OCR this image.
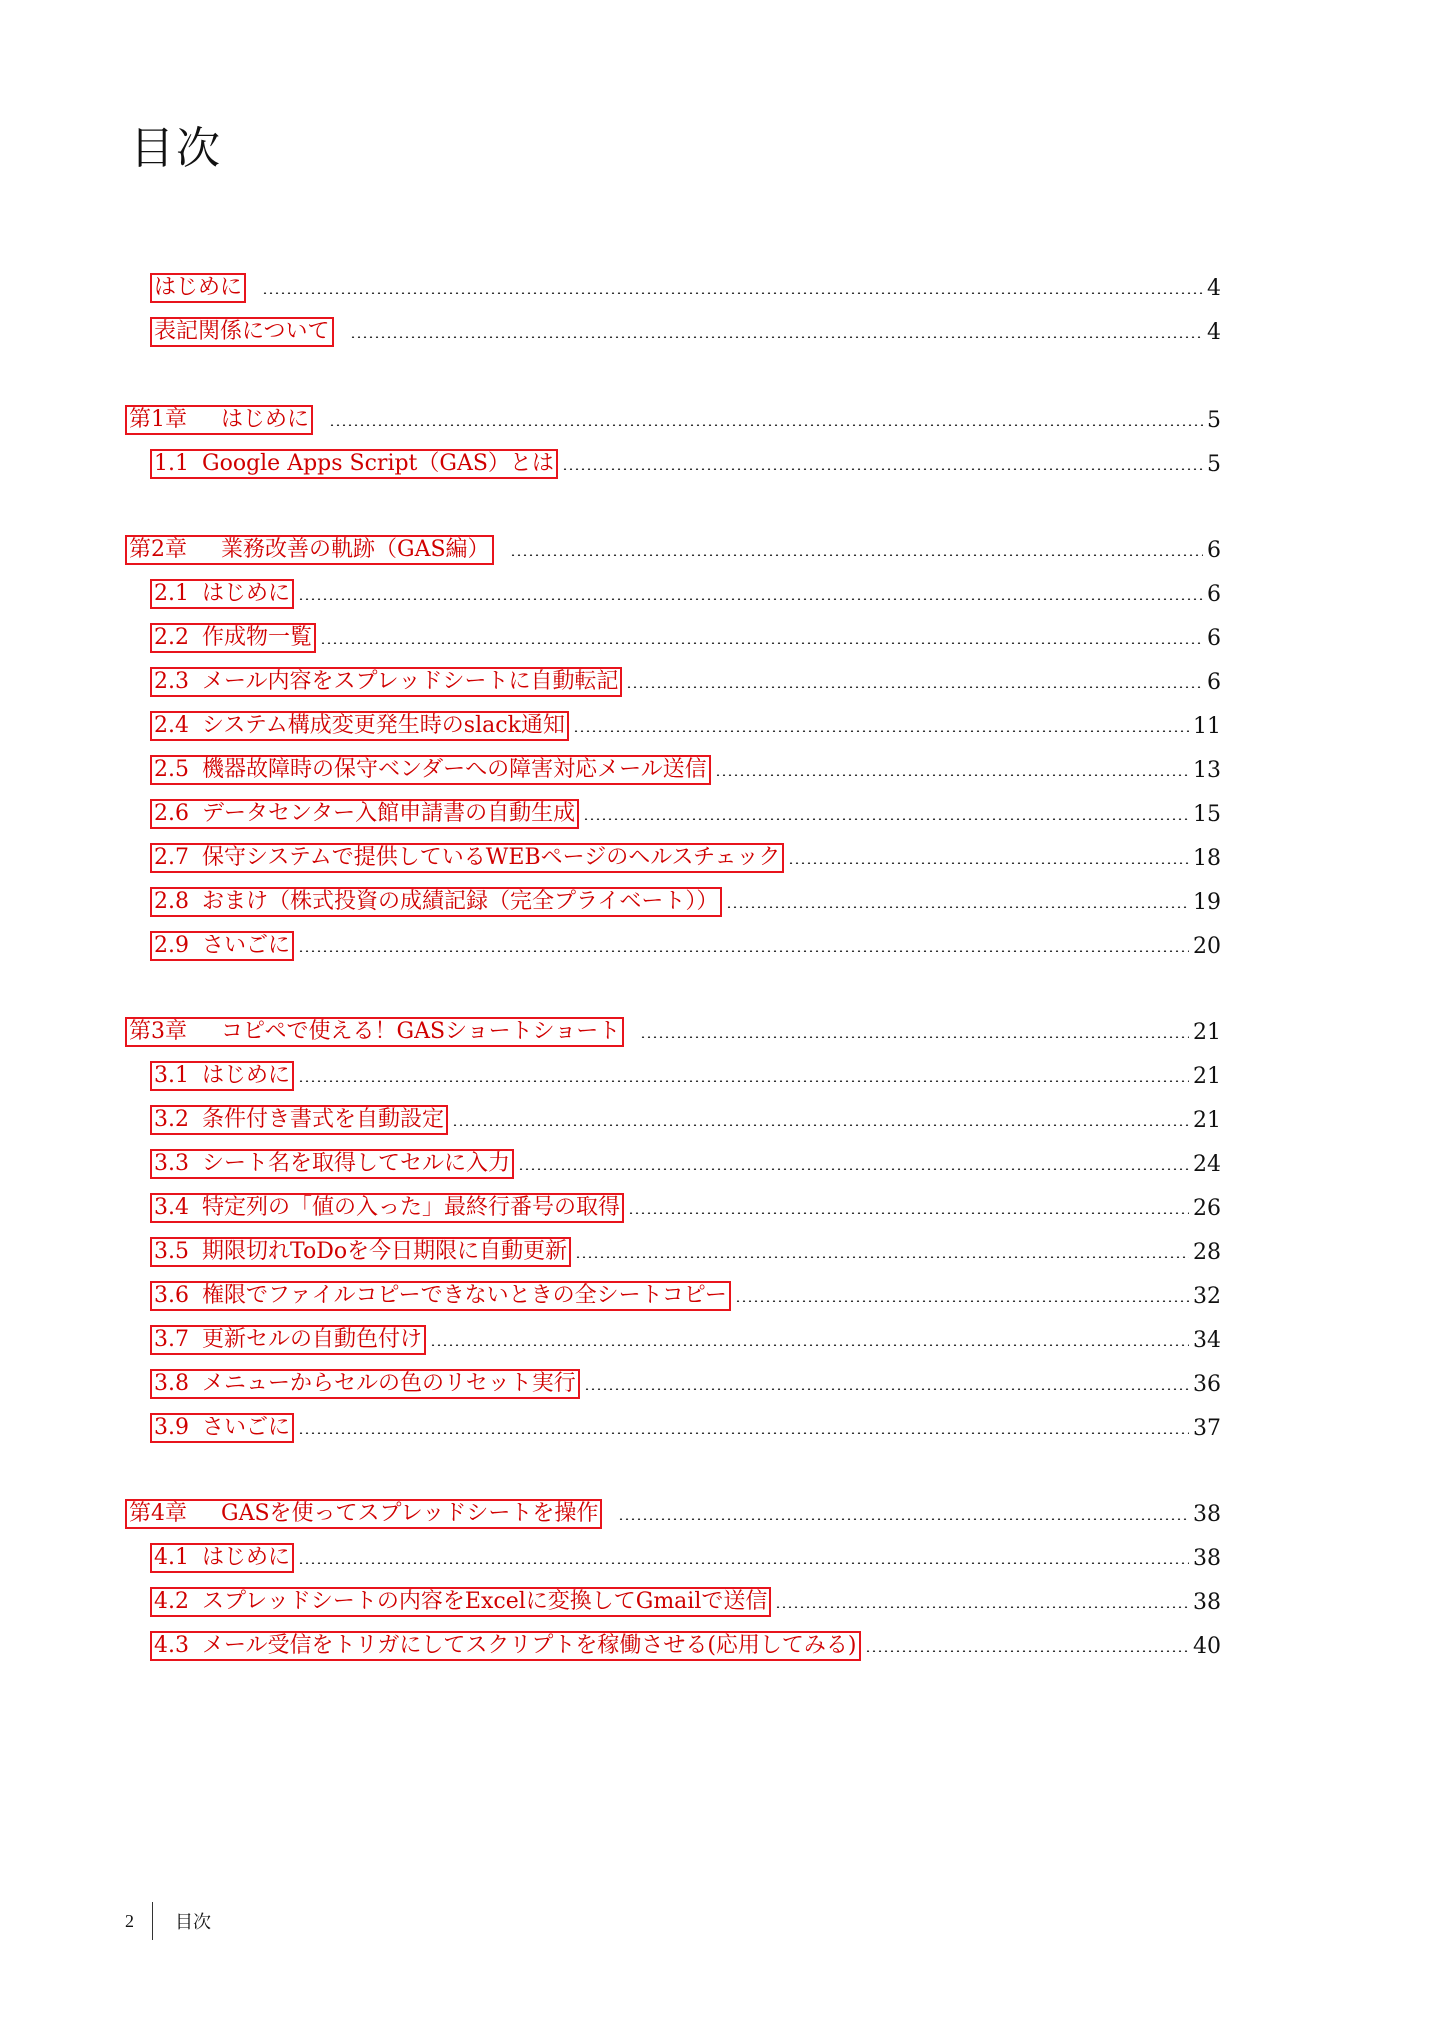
目次
はじめに	4
表記関係について	4
第1章 はじめに	5
1.1 Google Apps Script（GAS）とは	5
第2章 業務改善の軌跡（GAS編）	6
2.1 はじめに	6
2.2 作成物一覧	6
2.3 メール内容をスプレッドシートに自動転記	6
2.4 システム構成変更発生時のslack通知	11
2.5 機器故障時の保守ベンダーへの障害対応メール送信	13
2.6 データセンター入館申請書の自動生成	15
2.7 保守システムで提供しているWEBページのヘルスチェック	18
2.8 おまけ（株式投資の成績記録（完全プライベート））	19
2.9 さいごに	20
第3章 コピペで使える！GASショートショート	21
3.1 はじめに	21
3.2 条件付き書式を自動設定	21
3.3 シート名を取得してセルに入力	24
3.4 特定列の「値の入った」最終行番号の取得	26
3.5 期限切れToDoを今日期限に自動更新	28
3.6 権限でファイルコピーできないときの全シートコピー	32
3.7 更新セルの自動色付け	34
3.8 メニューからセルの色のリセット実行	36
3.9 さいごに	37
第4章 GASを使ってスプレッドシートを操作	38
4.1 はじめに	38
4.2 スプレッドシートの内容をExcelに変換してGmailで送信	38
4.3 メール受信をトリガにしてスクリプトを稼働させる(応用してみる)	40
2 目次
